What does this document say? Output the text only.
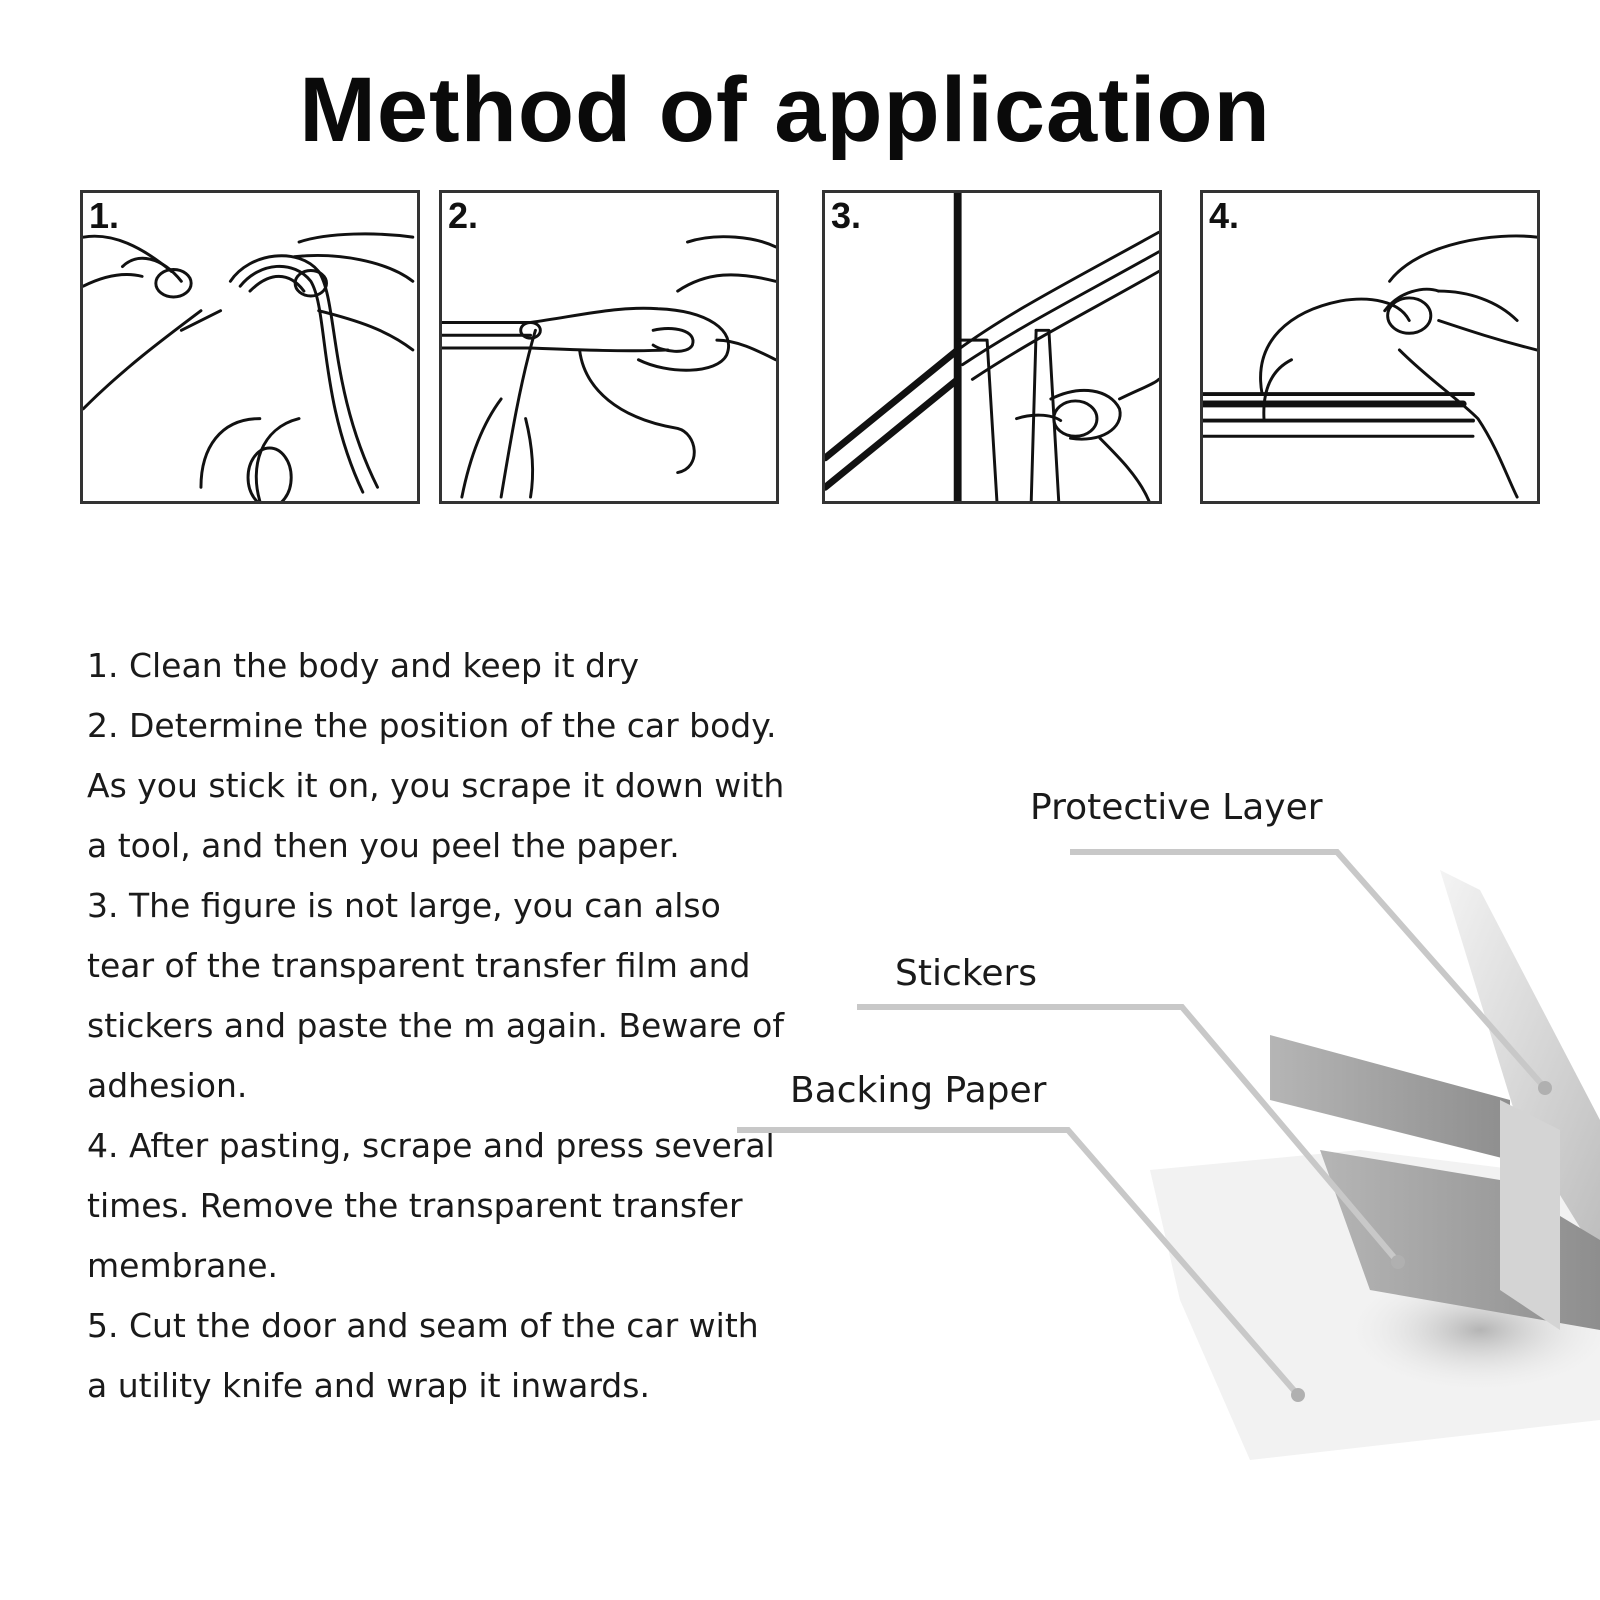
Method of application
1.	2.	3.	4.

1. Clean the body and keep it dry

2. Determine the position of the car body. As you stick it on, you scrape it down with a tool, and then you peel the paper.

3. The figure is not large, you can also tear of the transparent transfer film and stickers and paste the m again. Beware of adhesion.

4. After pasting, scrape and press several times. Remove the transparent transfer membrane.

5. Cut the door and seam of the car with a utility knife and wrap it inwards.

Protective Layer
Stickers
Backing Paper
